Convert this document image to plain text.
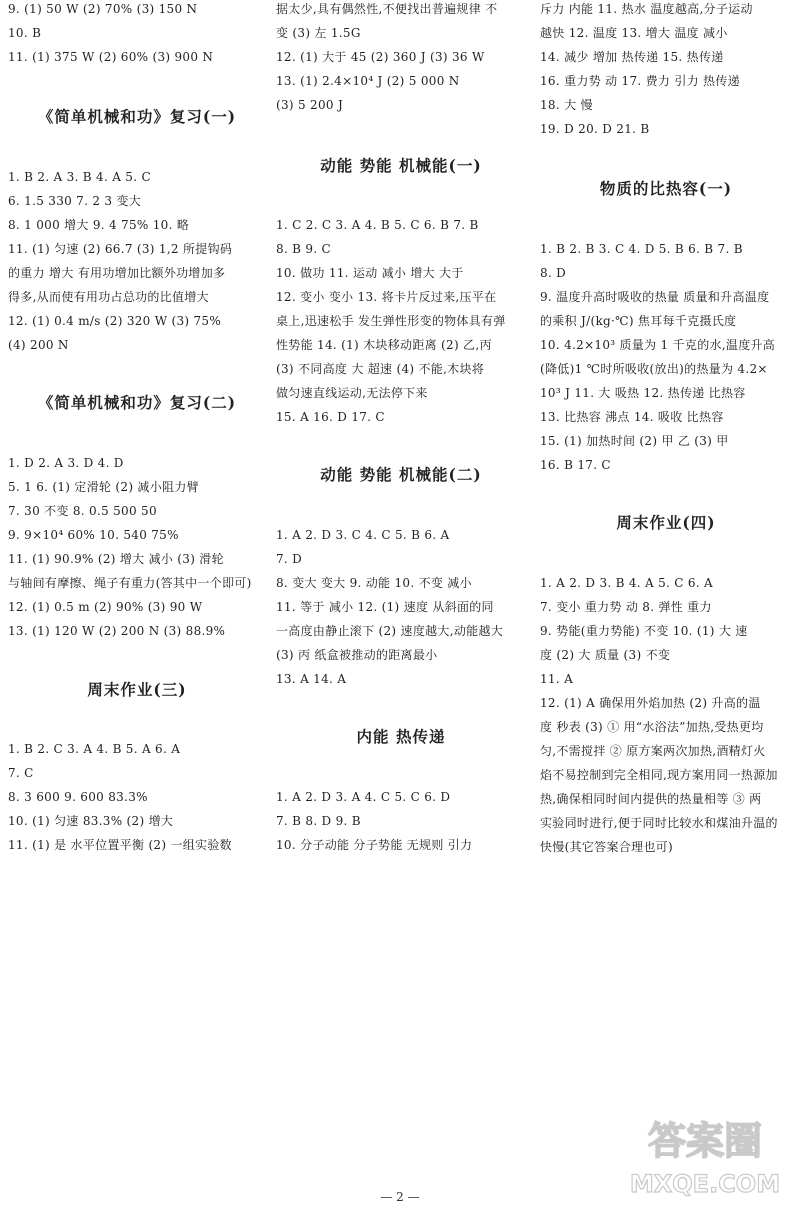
9. (1) 50 W (2) 70% (3) 150 N
10. B
11. (1) 375 W (2) 60% (3) 900 N
《简单机械和功》复习(一)
1. B 2. A 3. B 4. A 5. C
6. 1.5 330 7. 2 3 变大
8. 1 000 增大 9. 4 75% 10. 略
11. (1) 匀速 (2) 66.7 (3) 1,2 所提钩码
的重力 增大 有用功增加比额外功增加多
得多,从而使有用功占总功的比值增大
12. (1) 0.4 m/s (2) 320 W (3) 75%
(4) 200 N
《简单机械和功》复习(二)
1. D 2. A 3. D 4. D
5. 1 6. (1) 定滑轮 (2) 减小阻力臂
7. 30 不变 8. 0.5 500 50
9. 9×10⁴ 60% 10. 540 75%
11. (1) 90.9% (2) 增大 减小 (3) 滑轮
与轴间有摩擦、绳子有重力(答其中一个即可)
12. (1) 0.5 m (2) 90% (3) 90 W
13. (1) 120 W (2) 200 N (3) 88.9%
周末作业(三)
1. B 2. C 3. A 4. B 5. A 6. A
7. C
8. 3 600 9. 600 83.3%
10. (1) 匀速 83.3% (2) 增大
11. (1) 是 水平位置平衡 (2) 一组实验数
据太少,具有偶然性,不便找出普遍规律 不
变 (3) 左 1.5G
12. (1) 大于 45 (2) 360 J (3) 36 W
13. (1) 2.4×10⁴ J (2) 5 000 N
(3) 5 200 J
动能 势能 机械能(一)
1. C 2. C 3. A 4. B 5. C 6. B 7. B
8. B 9. C
10. 做功 11. 运动 减小 增大 大于
12. 变小 变小 13. 将卡片反过来,压平在
桌上,迅速松手 发生弹性形变的物体具有弹
性势能 14. (1) 木块移动距离 (2) 乙,丙
(3) 不同高度 大 超速 (4) 不能,木块将
做匀速直线运动,无法停下来
15. A 16. D 17. C
动能 势能 机械能(二)
1. A 2. D 3. C 4. C 5. B 6. A
7. D
8. 变大 变大 9. 动能 10. 不变 减小
11. 等于 减小 12. (1) 速度 从斜面的同
一高度由静止滚下 (2) 速度越大,动能越大
(3) 丙 纸盒被推动的距离最小
13. A 14. A
内能 热传递
1. A 2. D 3. A 4. C 5. C 6. D
7. B 8. D 9. B
10. 分子动能 分子势能 无规则 引力
斥力 内能 11. 热水 温度越高,分子运动
越快 12. 温度 13. 增大 温度 减小
14. 减少 增加 热传递 15. 热传递
16. 重力势 动 17. 费力 引力 热传递
18. 大 慢
19. D 20. D 21. B
物质的比热容(一)
1. B 2. B 3. C 4. D 5. B 6. B 7. B
8. D
9. 温度升高时吸收的热量 质量和升高温度
的乘积 J/(kg·℃) 焦耳每千克摄氏度
10. 4.2×10³ 质量为 1 千克的水,温度升高
(降低)1 ℃时所吸收(放出)的热量为 4.2×
10³ J 11. 大 吸热 12. 热传递 比热容
13. 比热容 沸点 14. 吸收 比热容
15. (1) 加热时间 (2) 甲 乙 (3) 甲
16. B 17. C
周末作业(四)
1. A 2. D 3. B 4. A 5. C 6. A
7. 变小 重力势 动 8. 弹性 重力
9. 势能(重力势能) 不变 10. (1) 大 速
度 (2) 大 质量 (3) 不变
11. A
12. (1) A 确保用外焰加热 (2) 升高的温
度 秒表 (3) ① 用“水浴法”加热,受热更均
匀,不需搅拌 ② 原方案两次加热,酒精灯火
焰不易控制到完全相同,现方案用同一热源加
热,确保相同时间内提供的热量相等 ③ 两
实验同时进行,便于同时比较水和煤油升温的
快慢(其它答案合理也可)
答案圈
MXQE.COM
— 2 —
